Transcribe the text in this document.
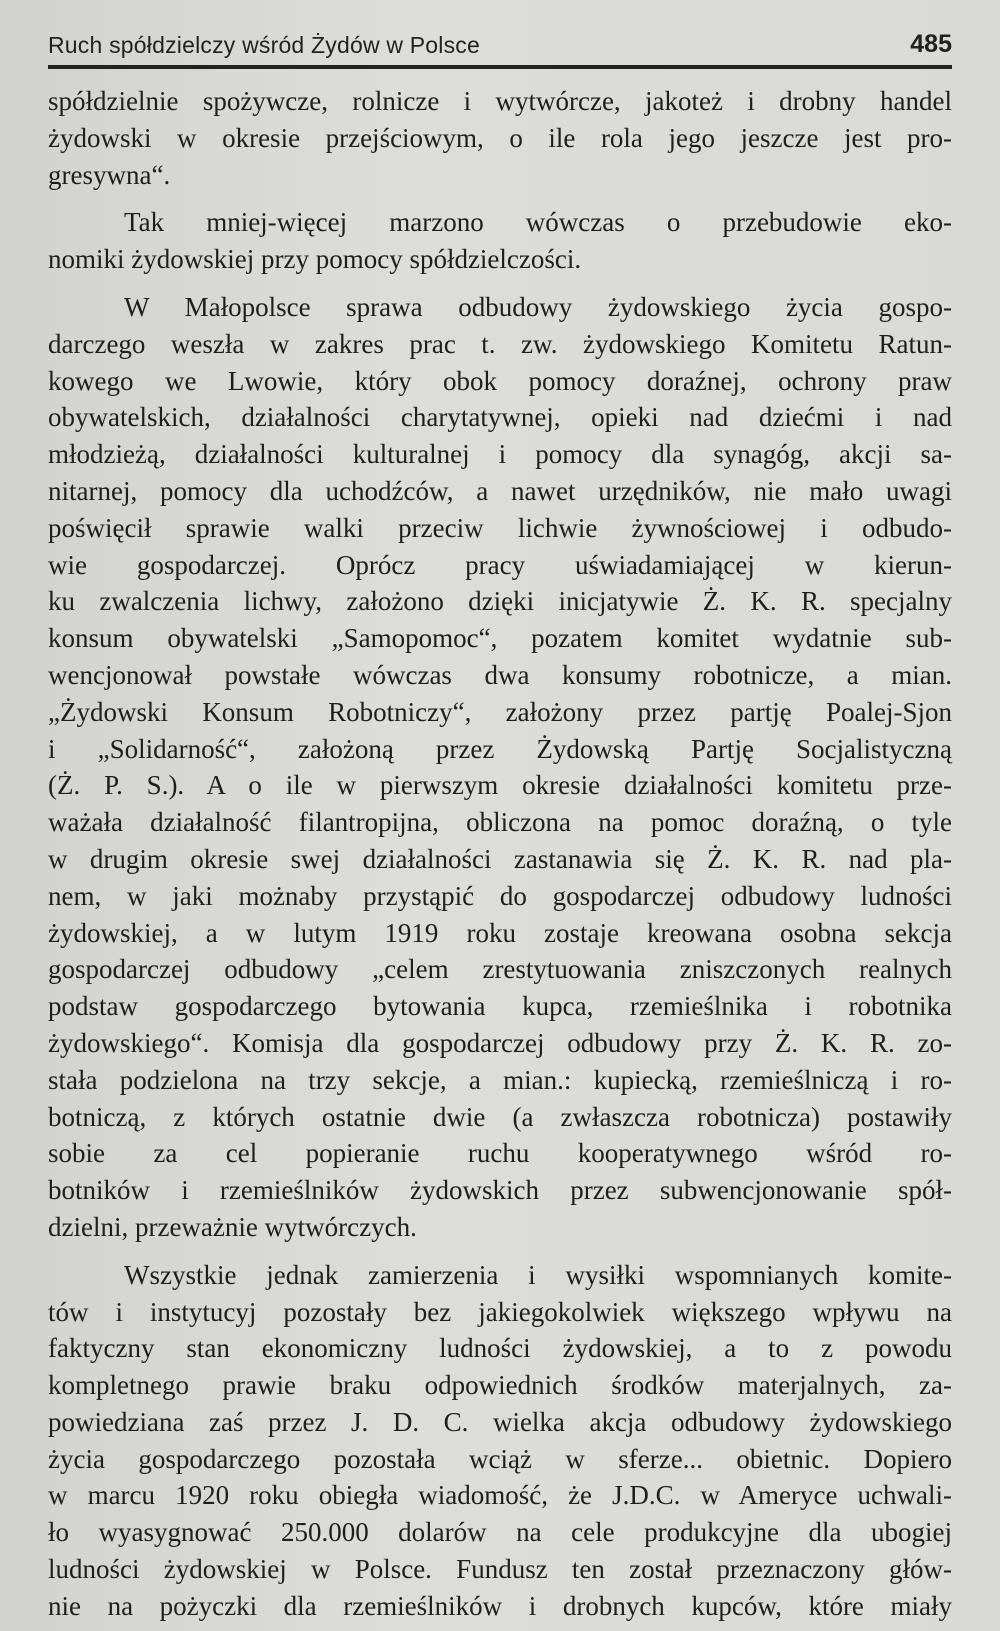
Ruch spółdzielczy wśród Żydów w Polsce	485

spółdzielnie spożywcze, rolnicze i wytwórcze, jakoteż i drobny handel
żydowski w okresie przejściowym, o ile rola jego jeszcze jest pro-
gresywna“.

Tak mniej-więcej marzono wówczas o przebudowie eko-
nomiki żydowskiej przy pomocy spółdzielczości.

W Małopolsce sprawa odbudowy żydowskiego życia gospo-
darczego weszła w zakres prac t. zw. żydowskiego Komitetu Ratun-
kowego we Lwowie, który obok pomocy doraźnej, ochrony praw
obywatelskich, działalności charytatywnej, opieki nad dziećmi i nad
młodzieżą, działalności kulturalnej i pomocy dla synagóg, akcji sa-
nitarnej, pomocy dla uchodźców, a nawet urzędników, nie mało uwagi
poświęcił sprawie walki przeciw lichwie żywnościowej i odbudo-
wie gospodarczej. Oprócz pracy uświadamiającej w kierun-
ku zwalczenia lichwy, założono dzięki inicjatywie Ż. K. R. specjalny
konsum obywatelski „Samopomoc“, pozatem komitet wydatnie sub-
wencjonował powstałe wówczas dwa konsumy robotnicze, a mian.
„Żydowski Konsum Robotniczy“, założony przez partję Poalej-Sjon
i „Solidarność“, założoną przez Żydowską Partję Socjalistyczną
(Ż. P. S.). A o ile w pierwszym okresie działalności komitetu prze-
ważała działalność filantropijna, obliczona na pomoc doraźną, o tyle
w drugim okresie swej działalności zastanawia się Ż. K. R. nad pla-
nem, w jaki możnaby przystąpić do gospodarczej odbudowy ludności
żydowskiej, a w lutym 1919 roku zostaje kreowana osobna sekcja
gospodarczej odbudowy „celem zrestytuowania zniszczonych realnych
podstaw gospodarczego bytowania kupca, rzemieślnika i robotnika
żydowskiego“. Komisja dla gospodarczej odbudowy przy Ż. K. R. zo-
stała podzielona na trzy sekcje, a mian.: kupiecką, rzemieślniczą i ro-
botniczą, z których ostatnie dwie (a zwłaszcza robotnicza) postawiły
sobie za cel popieranie ruchu kooperatywnego wśród ro-
botników i rzemieślników żydowskich przez subwencjonowanie spół-
dzielni, przeważnie wytwórczych.

Wszystkie jednak zamierzenia i wysiłki wspomnianych komite-
tów i instytucyj pozostały bez jakiegokolwiek większego wpływu na
faktyczny stan ekonomiczny ludności żydowskiej, a to z powodu
kompletnego prawie braku odpowiednich środków materjalnych, za-
powiedziana zaś przez J. D. C. wielka akcja odbudowy żydowskiego
życia gospodarczego pozostała wciąż w sferze... obietnic. Dopiero
w marcu 1920 roku obiegła wiadomość, że J.D.C. w Ameryce uchwali-
ło wyasygnować 250.000 dolarów na cele produkcyjne dla ubogiej
ludności żydowskiej w Polsce. Fundusz ten został przeznaczony głów-
nie na pożyczki dla rzemieślników i drobnych kupców, które miały
